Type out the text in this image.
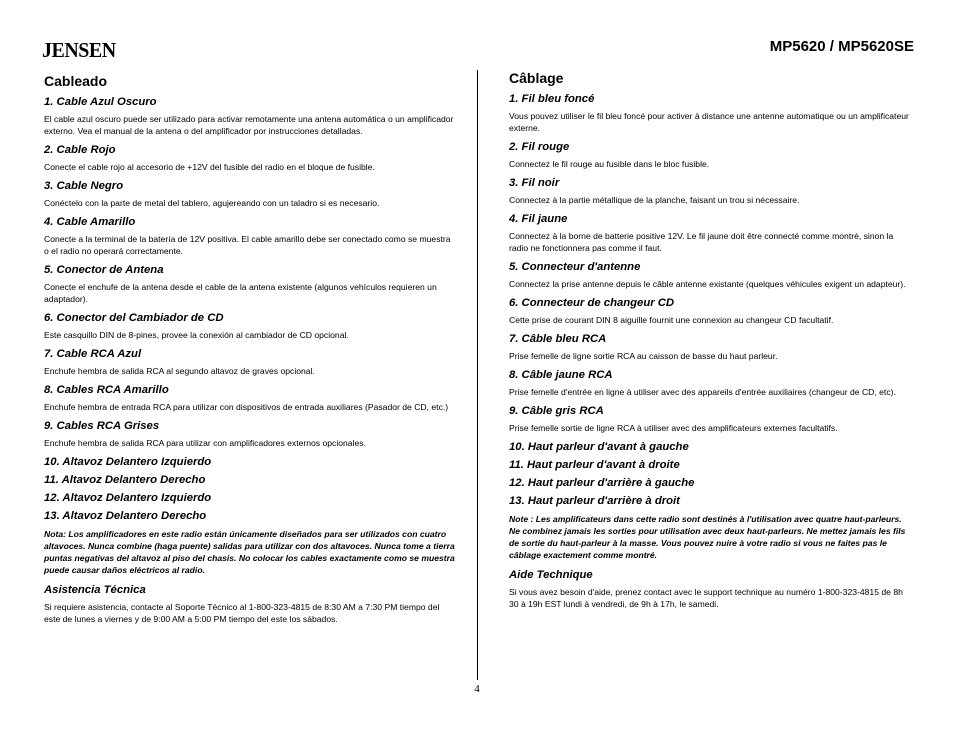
JENSEN	MP5620 / MP5620SE
Cableado
1. Cable Azul Oscuro
El cable azul oscuro puede ser utilizado para activar remotamente una antena automática o un amplificador externo. Vea el manual de la antena o del amplificador por instrucciones detalladas.
2. Cable Rojo
Conecte el cable rojo al accesorio de +12V del fusible del radio en el bloque de fusible.
3. Cable Negro
Conéctelo con la parte de metal del tablero, agujereando con un taladro si es necesario.
4. Cable Amarillo
Conecte a la terminal de la batería de 12V positiva. El cable amarillo debe ser conectado como se muestra o el radio no operará correctamente.
5. Conector de Antena
Conecte el enchufe de la antena desde el cable de la antena existente (algunos vehículos requieren un adaptador).
6. Conector del Cambiador de CD
Este casquillo DIN de 8-pines, provee la conexión al cambiador de CD opcional.
7. Cable RCA Azul
Enchufe hembra de salida RCA al segundo altavoz de graves opcional.
8. Cables RCA Amarillo
Enchufe hembra de entrada RCA para utilizar con dispositivos de entrada auxiliares (Pasador de CD, etc.)
9. Cables RCA Grises
Enchufe hembra de salida RCA para utilizar con amplificadores externos opcionales.
10. Altavoz Delantero Izquierdo
11. Altavoz Delantero Derecho
12. Altavoz Delantero Izquierdo
13. Altavoz Delantero Derecho
Nota: Los amplificadores en este radio están únicamente diseñados para ser utilizados con cuatro altavoces. Nunca combine (haga puente) salidas para utilizar con dos altavoces. Nunca tome a tierra puntas negativas del altavoz al piso del chasis. No colocar los cables exactamente como se muestra puede causar daños eléctricos al radio.
Asistencia Técnica
Si requiere asistencia, contacte al Soporte Técnico al 1-800-323-4815 de 8:30 AM a 7:30 PM tiempo del este de lunes a viernes y de 9:00 AM a 5:00 PM tiempo del este los sábados.
Câblage
1. Fil bleu foncé
Vous pouvez utiliser le fil bleu foncé pour activer à distance une antenne automatique ou un amplificateur externe.
2. Fil rouge
Connectez le fil rouge au fusible dans le bloc fusible.
3. Fil noir
Connectez à la partie métallique de la planche, faisant un trou si nécessaire.
4. Fil jaune
Connectez à la borne de batterie positive 12V. Le fil jaune doit être connecté comme montré, sinon la radio ne fonctionnera pas comme il faut.
5. Connecteur d'antenne
Connectez la prise antenne depuis le câble antenne existante (quelques véhicules exigent un adapteur).
6. Connecteur de changeur CD
Cette prise de courant DIN 8 aiguille fournit une connexion au changeur CD facultatif.
7. Câble bleu RCA
Prise femelle de ligne sortie RCA au caisson de basse du haut parleur.
8. Câble jaune RCA
Prise femelle d'entrée en ligne à utiliser avec des appareils d'entrée auxiliaires (changeur de CD, etc).
9. Câble gris RCA
Prise femelle sortie de ligne RCA à utiliser avec des amplificateurs externes facultatifs.
10. Haut parleur d'avant à gauche
11. Haut parleur d'avant à droite
12. Haut parleur d'arrière à gauche
13. Haut parleur d'arrière à droit
Note : Les amplificateurs dans cette radio sont destinés à l'utilisation avec quatre haut-parleurs. Ne combinez jamais les sorties pour utilisation avec deux haut-parleurs. Ne mettez jamais les fils de sortie du haut-parleur à la masse. Vous pouvez nuire à votre radio si vous ne faites pas le câblage exactement comme montré.
Aide Technique
Si vous avez besoin d'aide, prenez contact avec le support technique au numéro 1-800-323-4815 de 8h 30 à 19h EST lundi à vendredi, de 9h à 17h, le samedi.
4
